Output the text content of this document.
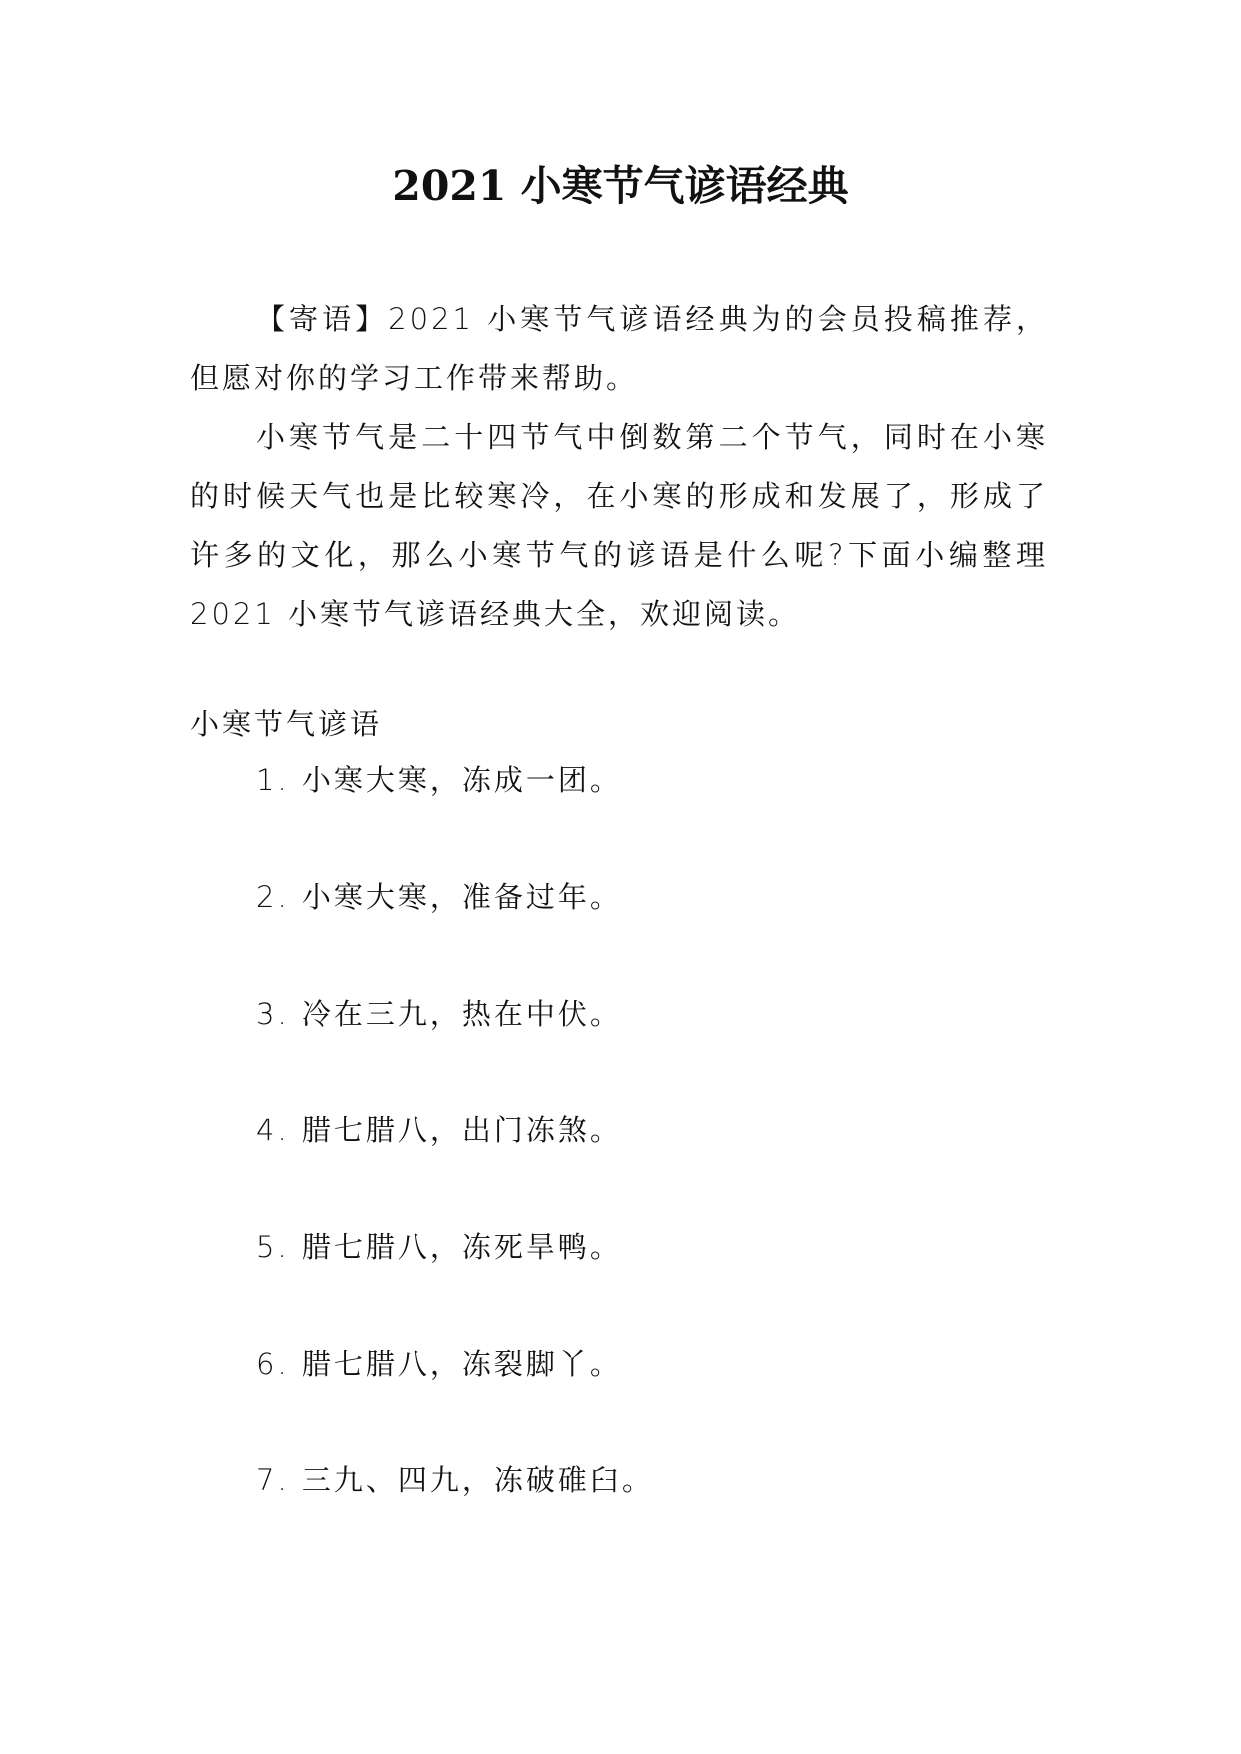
2021 小寒节气谚语经典

【寄语】2021 小寒节气谚语经典为的会员投稿推荐，但愿对你的学习工作带来帮助。

小寒节气是二十四节气中倒数第二个节气，同时在小寒的时候天气也是比较寒冷，在小寒的形成和发展了，形成了许多的文化，那么小寒节气的谚语是什么呢?下面小编整理 2021 小寒节气谚语经典大全，欢迎阅读。

小寒节气谚语
1. 小寒大寒，冻成一团。
2. 小寒大寒，准备过年。
3. 冷在三九，热在中伏。
4. 腊七腊八，出门冻煞。
5. 腊七腊八，冻死旱鸭。
6. 腊七腊八，冻裂脚丫。
7. 三九、四九，冻破碓臼。
